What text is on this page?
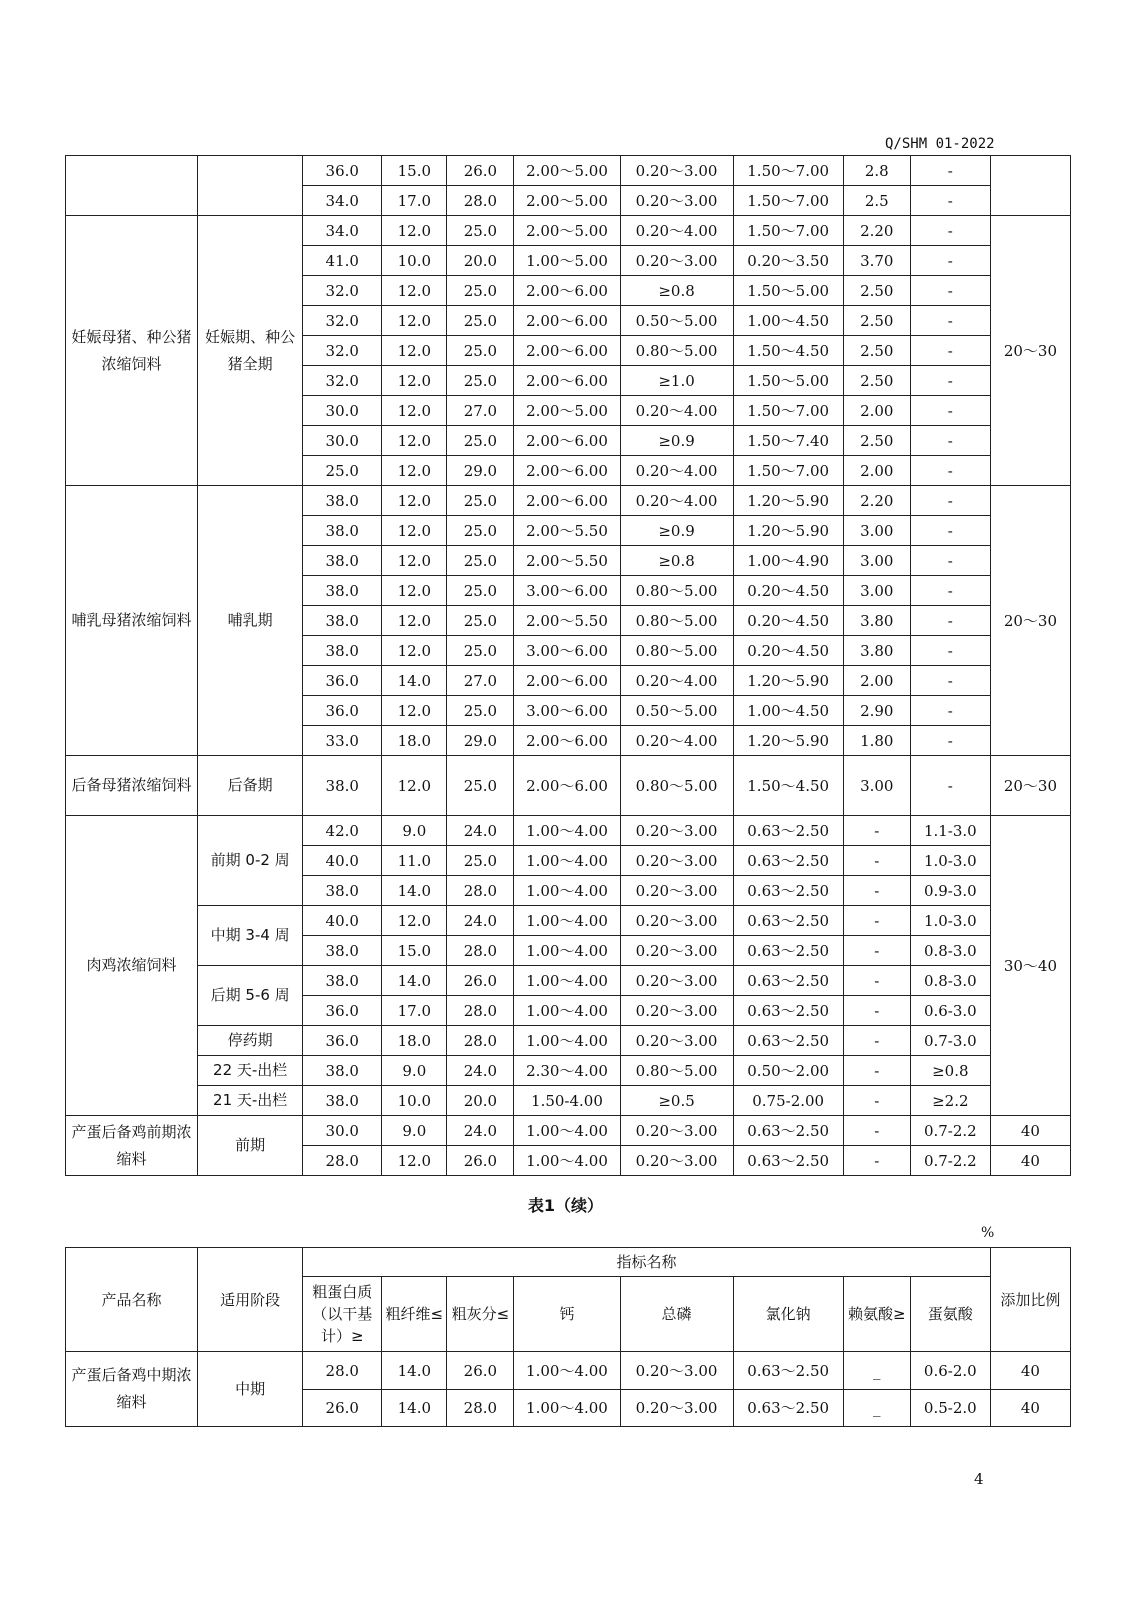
Q/SHM 01-2022
		36.0	15.0	26.0	2.00～5.00	0.20～3.00	1.50～7.00	2.8	-	
		34.0	17.0	28.0	2.00～5.00	0.20～3.00	1.50～7.00	2.5	-	
妊娠母猪、种公猪浓缩饲料	妊娠期、种公猪全期	34.0	12.0	25.0	2.00～5.00	0.20～4.00	1.50～7.00	2.20	-	20～30
		41.0	10.0	20.0	1.00～5.00	0.20～3.00	0.20～3.50	3.70	-	
		32.0	12.0	25.0	2.00～6.00	≥0.8	1.50～5.00	2.50	-	
		32.0	12.0	25.0	2.00～6.00	0.50～5.00	1.00～4.50	2.50	-	
		32.0	12.0	25.0	2.00～6.00	0.80～5.00	1.50～4.50	2.50	-	
		32.0	12.0	25.0	2.00～6.00	≥1.0	1.50～5.00	2.50	-	
		30.0	12.0	27.0	2.00～5.00	0.20～4.00	1.50～7.00	2.00	-	
		30.0	12.0	25.0	2.00～6.00	≥0.9	1.50～7.40	2.50	-	
		25.0	12.0	29.0	2.00～6.00	0.20～4.00	1.50～7.00	2.00	-	
哺乳母猪浓缩饲料	哺乳期	38.0	12.0	25.0	2.00～6.00	0.20～4.00	1.20～5.90	2.20	-	20～30
		38.0	12.0	25.0	2.00～5.50	≥0.9	1.20～5.90	3.00	-	
		38.0	12.0	25.0	2.00～5.50	≥0.8	1.00～4.90	3.00	-	
		38.0	12.0	25.0	3.00～6.00	0.80～5.00	0.20～4.50	3.00	-	
		38.0	12.0	25.0	2.00～5.50	0.80～5.00	0.20～4.50	3.80	-	
		38.0	12.0	25.0	3.00～6.00	0.80～5.00	0.20～4.50	3.80	-	
		36.0	14.0	27.0	2.00～6.00	0.20～4.00	1.20～5.90	2.00	-	
		36.0	12.0	25.0	3.00～6.00	0.50～5.00	1.00～4.50	2.90	-	
		33.0	18.0	29.0	2.00～6.00	0.20～4.00	1.20～5.90	1.80	-	
后备母猪浓缩饲料	后备期	38.0	12.0	25.0	2.00～6.00	0.80～5.00	1.50～4.50	3.00	-	20～30
肉鸡浓缩饲料	前期 0-2 周	42.0	9.0	24.0	1.00～4.00	0.20～3.00	0.63～2.50	-	1.1-3.0	30～40
		40.0	11.0	25.0	1.00～4.00	0.20～3.00	0.63～2.50	-	1.0-3.0	
		38.0	14.0	28.0	1.00～4.00	0.20～3.00	0.63～2.50	-	0.9-3.0	
	中期 3-4 周	40.0	12.0	24.0	1.00～4.00	0.20～3.00	0.63～2.50	-	1.0-3.0	
		38.0	15.0	28.0	1.00～4.00	0.20～3.00	0.63～2.50	-	0.8-3.0	
	后期 5-6 周	38.0	14.0	26.0	1.00～4.00	0.20～3.00	0.63～2.50	-	0.8-3.0	
		36.0	17.0	28.0	1.00～4.00	0.20～3.00	0.63～2.50	-	0.6-3.0	
	停药期	36.0	18.0	28.0	1.00～4.00	0.20～3.00	0.63～2.50	-	0.7-3.0	
	22 天-出栏	38.0	9.0	24.0	2.30～4.00	0.80～5.00	0.50～2.00	-	≥0.8	
	21 天-出栏	38.0	10.0	20.0	1.50-4.00	≥0.5	0.75-2.00	-	≥2.2	
产蛋后备鸡前期浓缩料	前期	30.0	9.0	24.0	1.00～4.00	0.20～3.00	0.63～2.50	-	0.7-2.2	40
		28.0	12.0	26.0	1.00～4.00	0.20～3.00	0.63～2.50	-	0.7-2.2	40
表1（续）
%
产品名称	适用阶段	指标名称								添加比例
		粗蛋白质（以干基计）≥	粗纤维≤	粗灰分≤	钙	总磷	氯化钠	赖氨酸≥	蛋氨酸	
产蛋后备鸡中期浓缩料	中期	28.0	14.0	26.0	1.00～4.00	0.20～3.00	0.63～2.50	_	0.6-2.0	40
		26.0	14.0	28.0	1.00～4.00	0.20～3.00	0.63～2.50	_	0.5-2.0	40
4
